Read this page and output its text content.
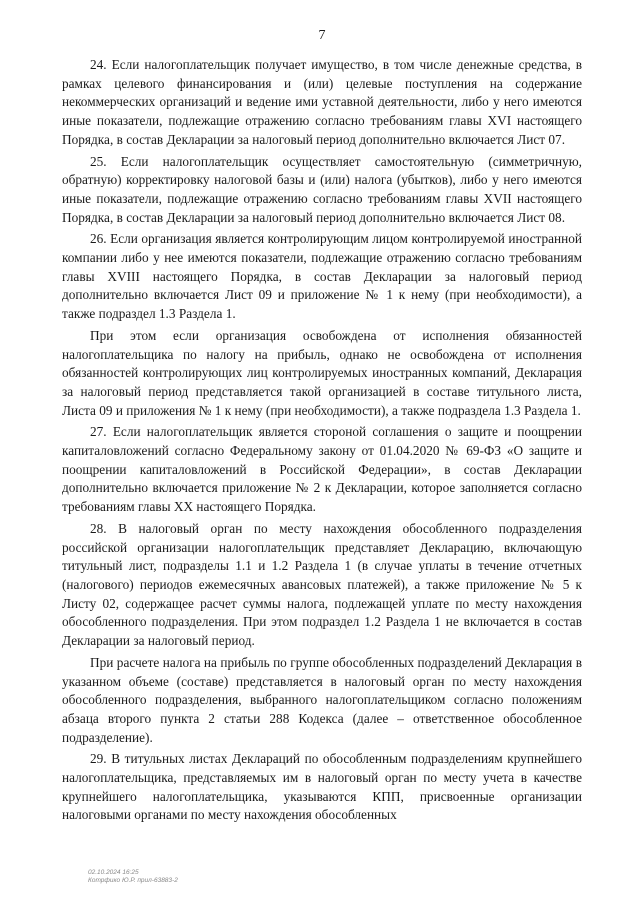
7

24. Если налогоплательщик получает имущество, в том числе денежные средства, в рамках целевого финансирования и (или) целевые поступления на содержание некоммерческих организаций и ведение ими уставной деятельности, либо у него имеются иные показатели, подлежащие отражению согласно требованиям главы XVI настоящего Порядка, в состав Декларации за налоговый период дополнительно включается Лист 07.

25. Если налогоплательщик осуществляет самостоятельную (симметричную, обратную) корректировку налоговой базы и (или) налога (убытков), либо у него имеются иные показатели, подлежащие отражению согласно требованиям главы XVII настоящего Порядка, в состав Декларации за налоговый период дополнительно включается Лист 08.

26. Если организация является контролирующим лицом контролируемой иностранной компании либо у нее имеются показатели, подлежащие отражению согласно требованиям главы XVIII настоящего Порядка, в состав Декларации за налоговый период дополнительно включается Лист 09 и приложение № 1 к нему (при необходимости), а также подраздел 1.3 Раздела 1.

При этом если организация освобождена от исполнения обязанностей налогоплательщика по налогу на прибыль, однако не освобождена от исполнения обязанностей контролирующих лиц контролируемых иностранных компаний, Декларация за налоговый период представляется такой организацией в составе титульного листа, Листа 09 и приложения № 1 к нему (при необходимости), а также подраздела 1.3 Раздела 1.

27. Если налогоплательщик является стороной соглашения о защите и поощрении капиталовложений согласно Федеральному закону от 01.04.2020 № 69-ФЗ «О защите и поощрении капиталовложений в Российской Федерации», в состав Декларации дополнительно включается приложение № 2 к Декларации, которое заполняется согласно требованиям главы XX настоящего Порядка.

28. В налоговый орган по месту нахождения обособленного подразделения российской организации налогоплательщик представляет Декларацию, включающую титульный лист, подразделы 1.1 и 1.2 Раздела 1 (в случае уплаты в течение отчетных (налогового) периодов ежемесячных авансовых платежей), а также приложение № 5 к Листу 02, содержащее расчет суммы налога, подлежащей уплате по месту нахождения обособленного подразделения. При этом подраздел 1.2 Раздела 1 не включается в состав Декларации за налоговый период.

При расчете налога на прибыль по группе обособленных подразделений Декларация в указанном объеме (составе) представляется в налоговый орган по месту нахождения обособленного подразделения, выбранного налогоплательщиком согласно положениям абзаца второго пункта 2 статьи 288 Кодекса (далее – ответственное обособленное подразделение).

29. В титульных листах Деклараций по обособленным подразделениям крупнейшего налогоплательщика, представляемых им в налоговый орган по месту учета в качестве крупнейшего налогоплательщика, указываются КПП, присвоенные организации налоговыми органами по месту нахождения обособленных

02.10.2024 16:25
Котрфико Ю.Р. прил-63883-2
